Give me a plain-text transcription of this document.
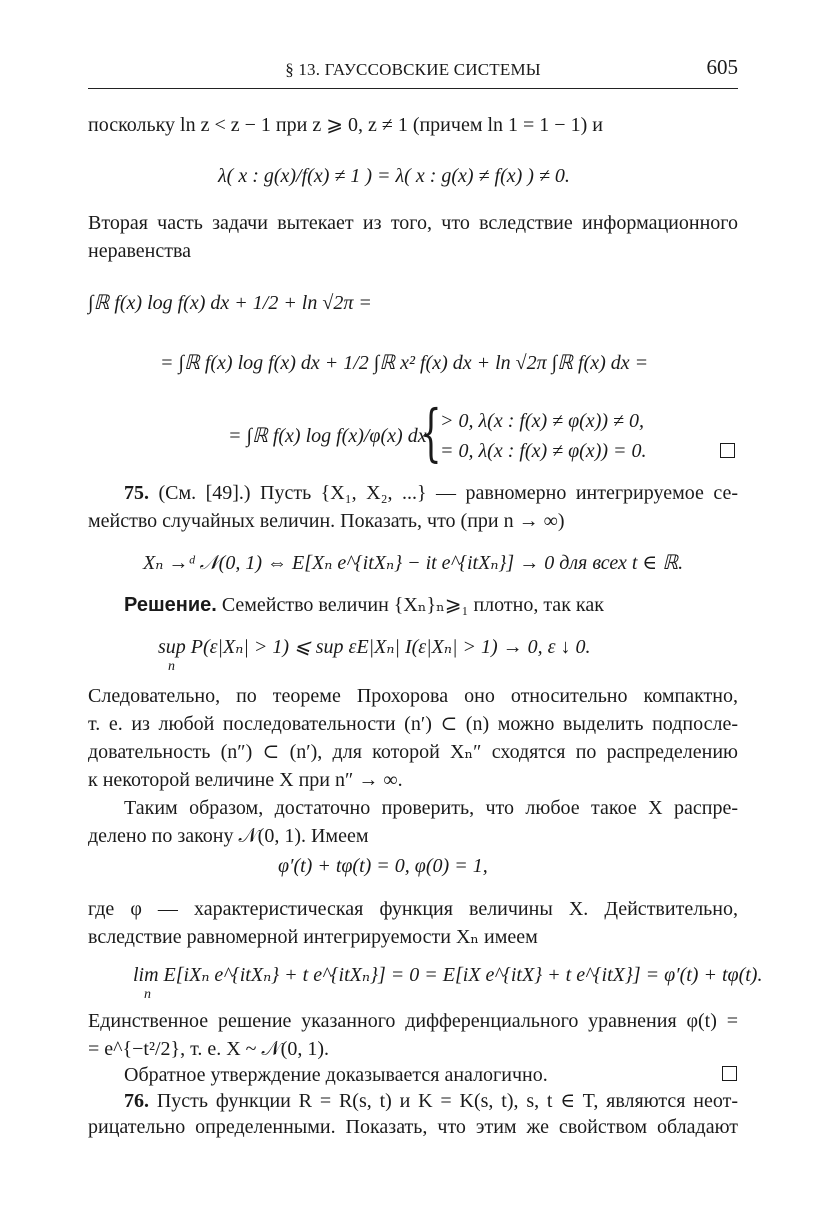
§ 13. ГАУССОВСКИЕ СИСТЕМЫ	605
поскольку ln z < z − 1 при z ⩾ 0, z ≠ 1 (причем ln 1 = 1 − 1) и
λ( x : g(x)/f(x) ≠ 1 ) = λ( x : g(x) ≠ f(x) ) ≠ 0.
Вторая часть задачи вытекает из того, что вследствие информационного
неравенства
∫ℝ f(x) log f(x) dx + 1/2 + ln √2π =
= ∫ℝ f(x) log f(x) dx + 1/2 ∫ℝ x² f(x) dx + ln √2π ∫ℝ f(x) dx =
= ∫ℝ f(x) log f(x)/φ(x) dx
{
> 0, λ(x : f(x) ≠ φ(x)) ≠ 0,
= 0, λ(x : f(x) ≠ φ(x)) = 0.
75. (См. [49].) Пусть {X₁, X₂, ...} — равномерно интегрируемое се-
мейство случайных величин. Показать, что (при n → ∞)
Xₙ →ᵈ 𝒩(0, 1) ⇔ E[Xₙ e^{itXₙ} − it e^{itXₙ}] → 0 для всех t ∈ ℝ.
Решение. Семейство величин {Xₙ}ₙ⩾₁ плотно, так как
sup P(ε|Xₙ| > 1) ⩽ sup εE|Xₙ| I(ε|Xₙ| > 1) → 0, ε ↓ 0.
n
Следовательно, по теореме Прохорова оно относительно компактно,
т. е. из любой последовательности (n′) ⊂ (n) можно выделить подпосле-
довательность (n″) ⊂ (n′), для которой Xₙ″ сходятся по распределению
к некоторой величине X при n″ → ∞.
Таким образом, достаточно проверить, что любое такое X распре-
делено по закону 𝒩(0, 1). Имеем
φ′(t) + tφ(t) = 0, φ(0) = 1,
где φ — характеристическая функция величины X. Действительно,
вследствие равномерной интегрируемости Xₙ имеем
lim E[iXₙ e^{itXₙ} + t e^{itXₙ}] = 0 = E[iX e^{itX} + t e^{itX}] = φ′(t) + tφ(t).
n
Единственное решение указанного дифференциального уравнения φ(t) =
= e^{−t²/2}, т. е. X ~ 𝒩(0, 1).
Обратное утверждение доказывается аналогично.
76. Пусть функции R = R(s, t) и K = K(s, t), s, t ∈ T, являются неот-
рицательно определенными. Показать, что этим же свойством обладают
